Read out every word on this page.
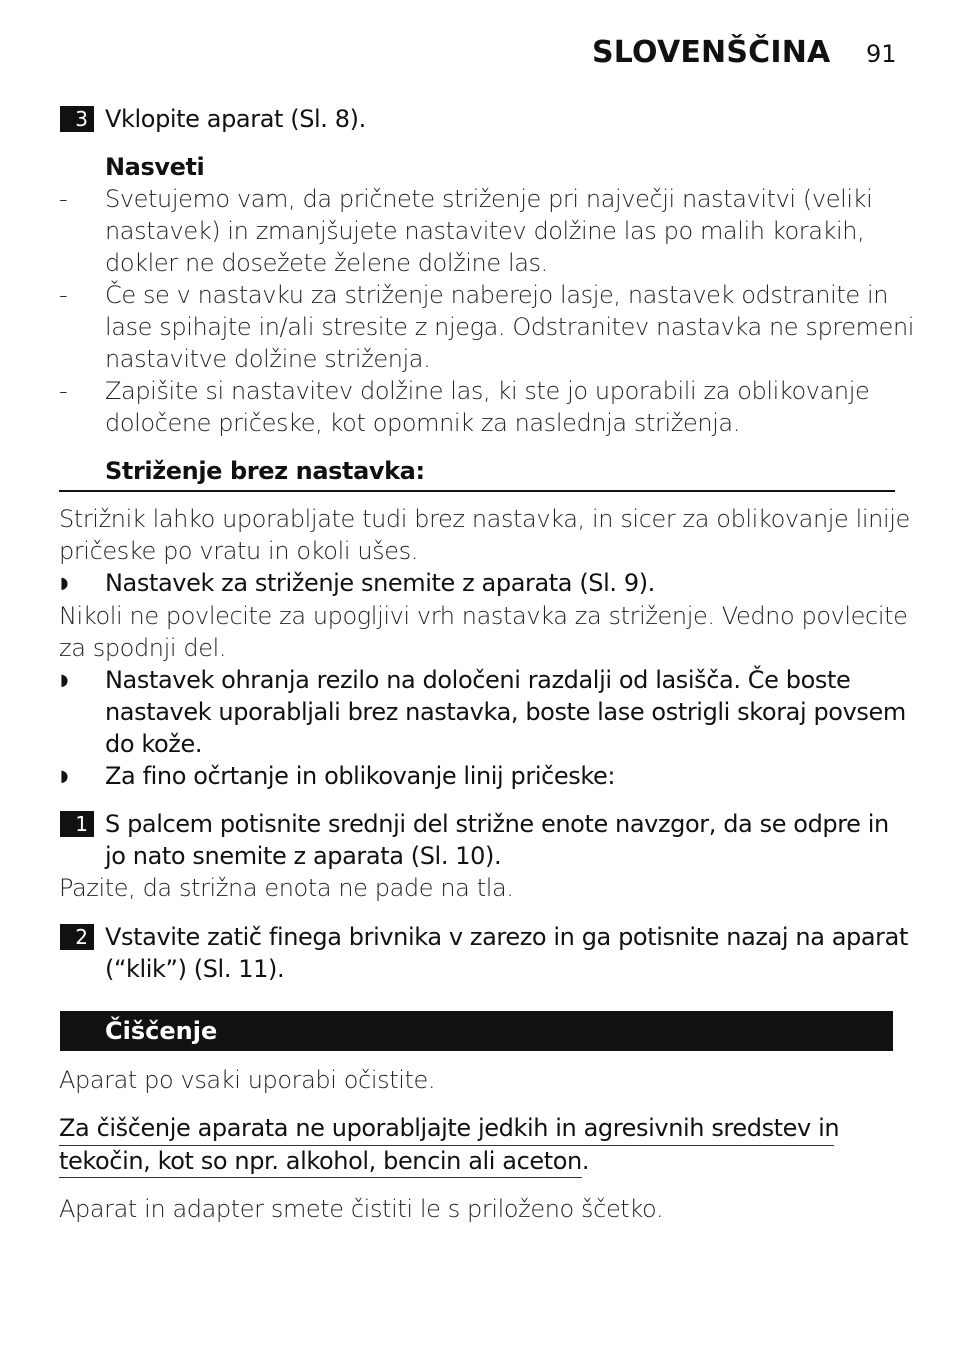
SLOVENŠČINA 91
3 Vklopite aparat (Sl. 8).
Nasveti
- Svetujemo vam, da pričnete striženje pri največji nastavitvi (veliki
nastavek) in zmanjšujete nastavitev dolžine las po malih korakih,
dokler ne dosežete želene dolžine las.
- Če se v nastavku za striženje naberejo lasje, nastavek odstranite in
lase spihajte in/ali stresite z njega. Odstranitev nastavka ne spremeni
nastavitve dolžine striženja.
- Zapišite si nastavitev dolžine las, ki ste jo uporabili za oblikovanje
določene pričeske, kot opomnik za naslednja striženja.
Striženje brez nastavka:
Strižnik lahko uporabljate tudi brez nastavka, in sicer za oblikovanje linije
pričeske po vratu in okoli ušes.
◗ Nastavek za striženje snemite z aparata (Sl. 9).
Nikoli ne povlecite za upogljivi vrh nastavka za striženje. Vedno povlecite
za spodnji del.
◗ Nastavek ohranja rezilo na določeni razdalji od lasišča. Če boste
nastavek uporabljali brez nastavka, boste lase ostrigli skoraj povsem
do kože.
◗ Za fino očrtanje in oblikovanje linij pričeske:
1 S palcem potisnite srednji del strižne enote navzgor, da se odpre in
jo nato snemite z aparata (Sl. 10).
Pazite, da strižna enota ne pade na tla.
2 Vstavite zatič finega brivnika v zarezo in ga potisnite nazaj na aparat
(“klik”) (Sl. 11).
Čiščenje
Aparat po vsaki uporabi očistite.
Za čiščenje aparata ne uporabljajte jedkih in agresivnih sredstev in
tekočin, kot so npr. alkohol, bencin ali aceton.
Aparat in adapter smete čistiti le s priloženo ščetko.
